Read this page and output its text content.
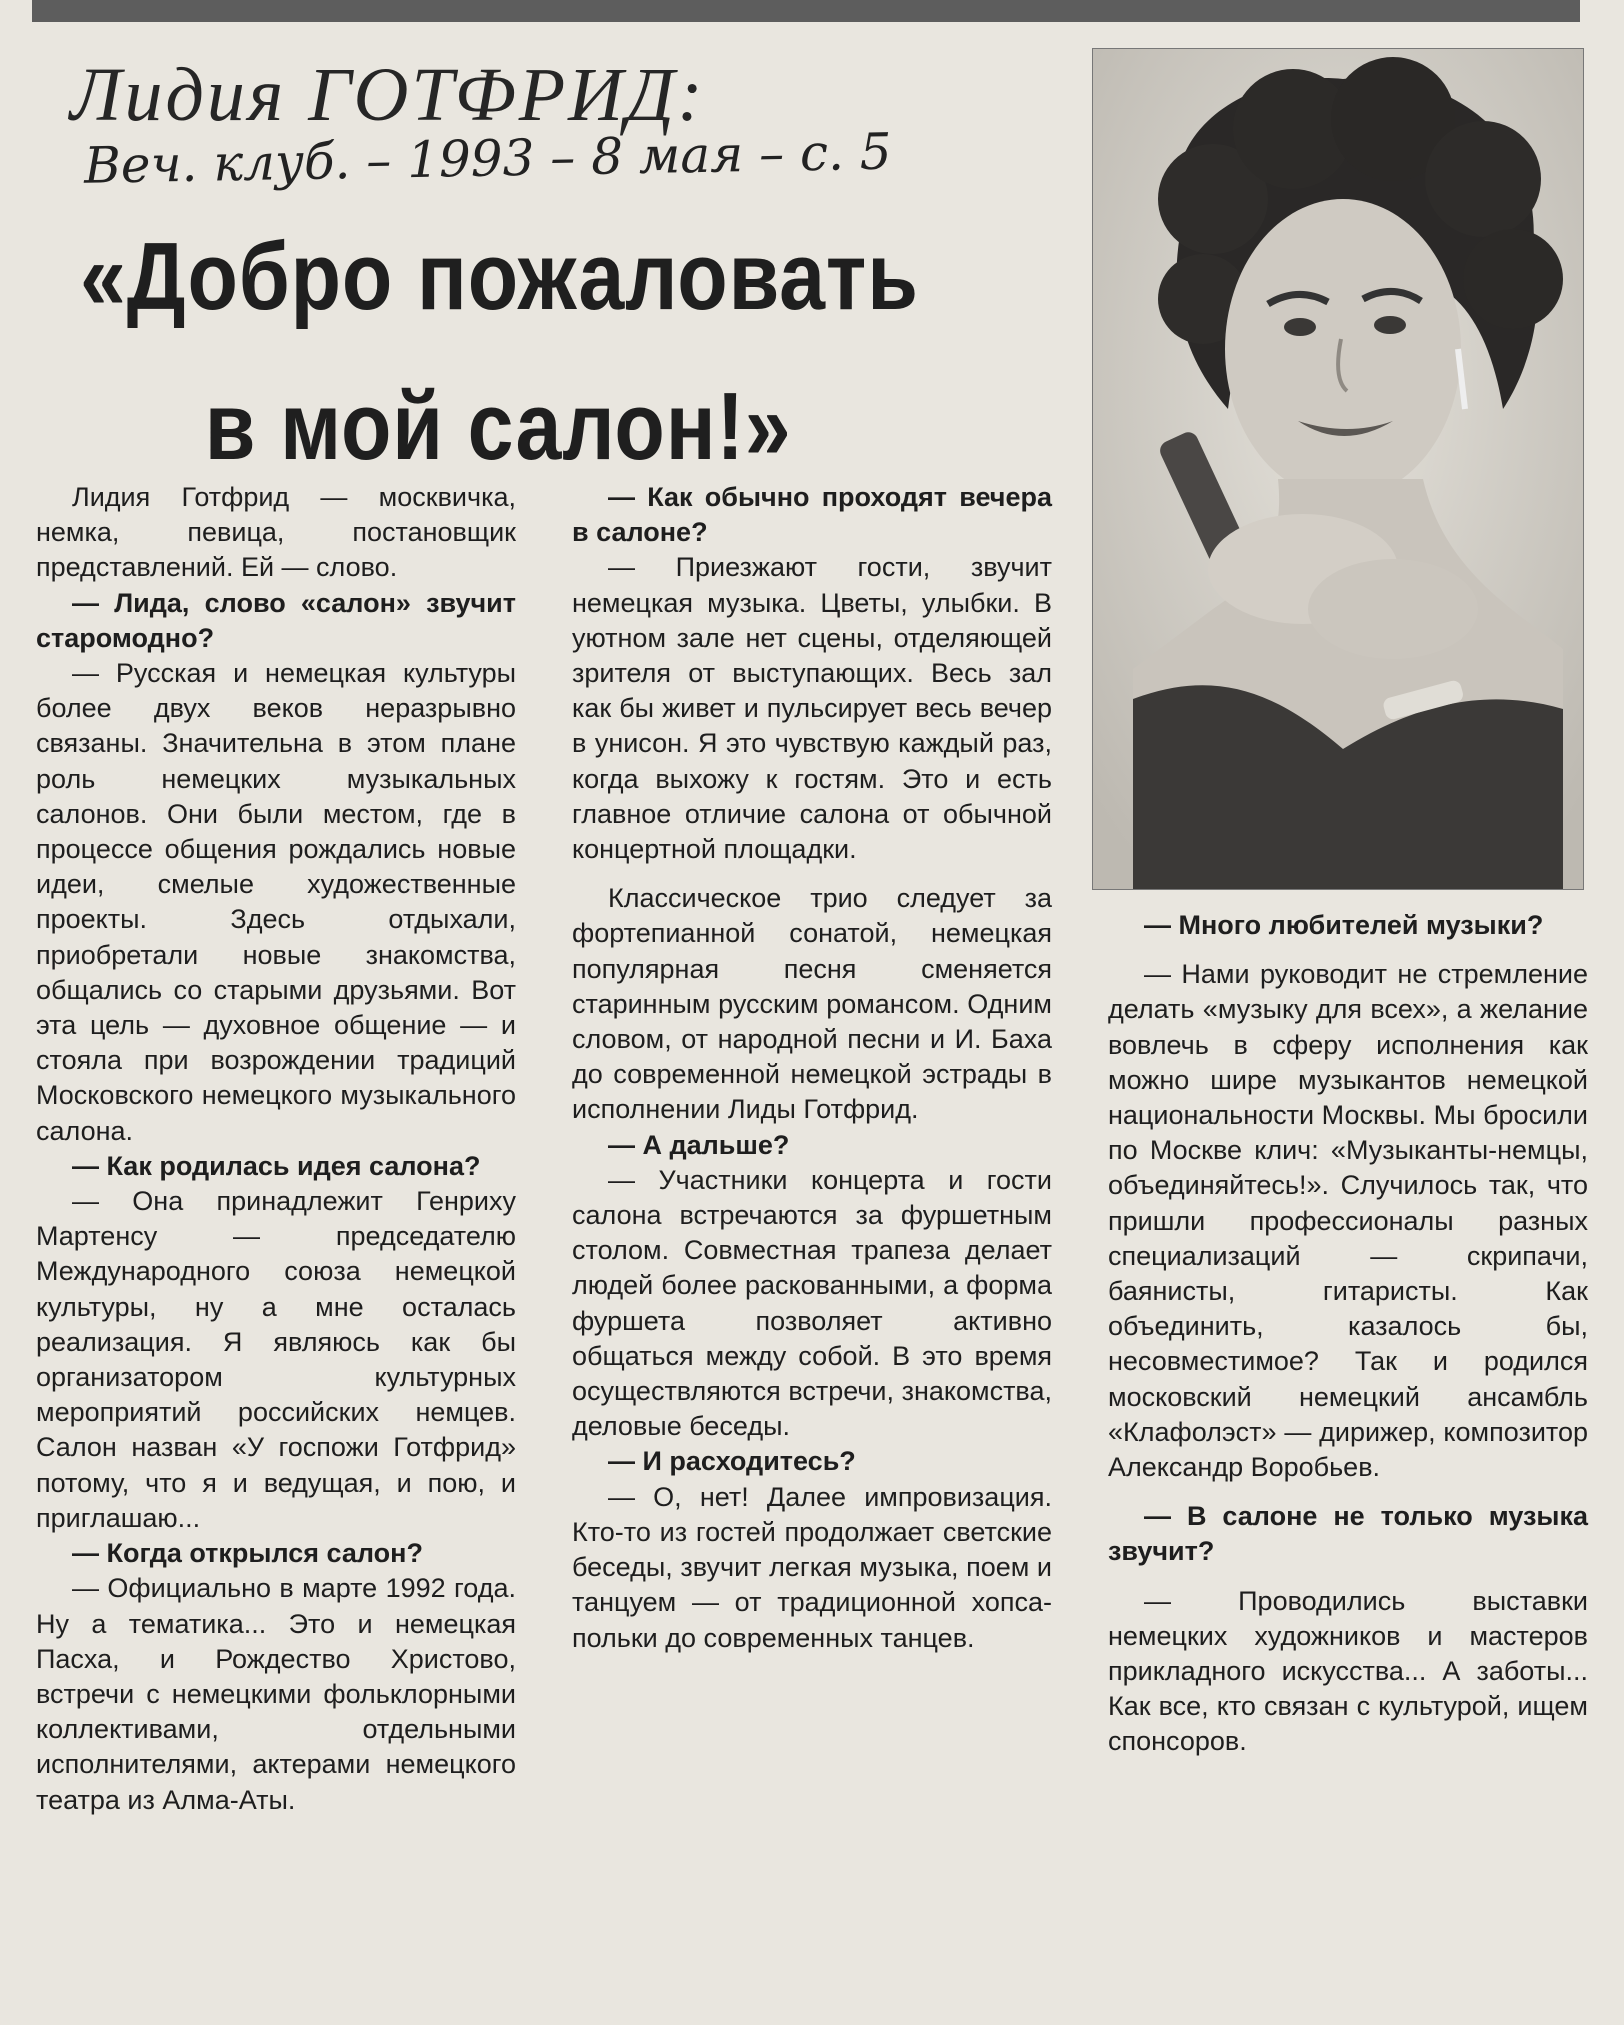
Лидия ГОТФРИД:
Веч. клуб. – 1993 – 8 мая – с. 5
«Добро пожаловать
в мой салон!»

Лидия Готфрид — москвичка, немка, певица, постановщик представлений. Ей — слово.

— Лида, слово «салон» звучит старомодно?

— Русская и немецкая культуры более двух веков неразрывно связаны. Значительна в этом плане роль немецких музыкальных салонов. Они были местом, где в процессе общения рождались новые идеи, смелые художественные проекты. Здесь отдыхали, приобретали новые знакомства, общались со старыми друзьями. Вот эта цель — духовное общение — и стояла при возрождении традиций Московского немецкого музыкального салона.

— Как родилась идея салона?

— Она принадлежит Генриху Мартенсу — председателю Международного союза немецкой культуры, ну а мне осталась реализация. Я являюсь как бы организатором культурных мероприятий российских немцев. Салон назван «У госпожи Готфрид» потому, что я и ведущая, и пою, и приглашаю...

— Когда открылся салон?

— Официально в марте 1992 года. Ну а тематика... Это и немецкая Пасха, и Рождество Христово, встречи с немецкими фольклорными коллективами, отдельными исполнителями, актерами немецкого театра из Алма-Аты.

— Как обычно проходят вечера в салоне?

— Приезжают гости, звучит немецкая музыка. Цветы, улыбки. В уютном зале нет сцены, отделяющей зрителя от выступающих. Весь зал как бы живет и пульсирует весь вечер в унисон. Я это чувствую каждый раз, когда выхожу к гостям. Это и есть главное отличие салона от обычной концертной площадки.

Классическое трио следует за фортепианной сонатой, немецкая популярная песня сменяется старинным русским романсом. Одним словом, от народной песни и И. Баха до современной немецкой эстрады в исполнении Лиды Готфрид.

— А дальше?

— Участники концерта и гости салона встречаются за фуршетным столом. Совместная трапеза делает людей более раскованными, а форма фуршета позволяет активно общаться между собой. В это время осуществляются встречи, знакомства, деловые беседы.

— И расходитесь?

— О, нет! Далее импровизация. Кто-то из гостей продолжает светские беседы, звучит легкая музыка, поем и танцуем — от традиционной хопса-польки до современных танцев.

— Много любителей музыки?

— Нами руководит не стремление делать «музыку для всех», а желание вовлечь в сферу исполнения как можно шире музыкантов немецкой национальности Москвы. Мы бросили по Москве клич: «Музыканты-немцы, объединяйтесь!». Случилось так, что пришли профессионалы разных специализаций — скрипачи, баянисты, гитаристы. Как объединить, казалось бы, несовместимое? Так и родился московский немецкий ансамбль «Клафолэст» — дирижер, композитор Александр Воробьев.

— В салоне не только музыка звучит?

— Проводились выставки немецких художников и мастеров прикладного искусства... А заботы... Как все, кто связан с культурой, ищем спонсоров.
